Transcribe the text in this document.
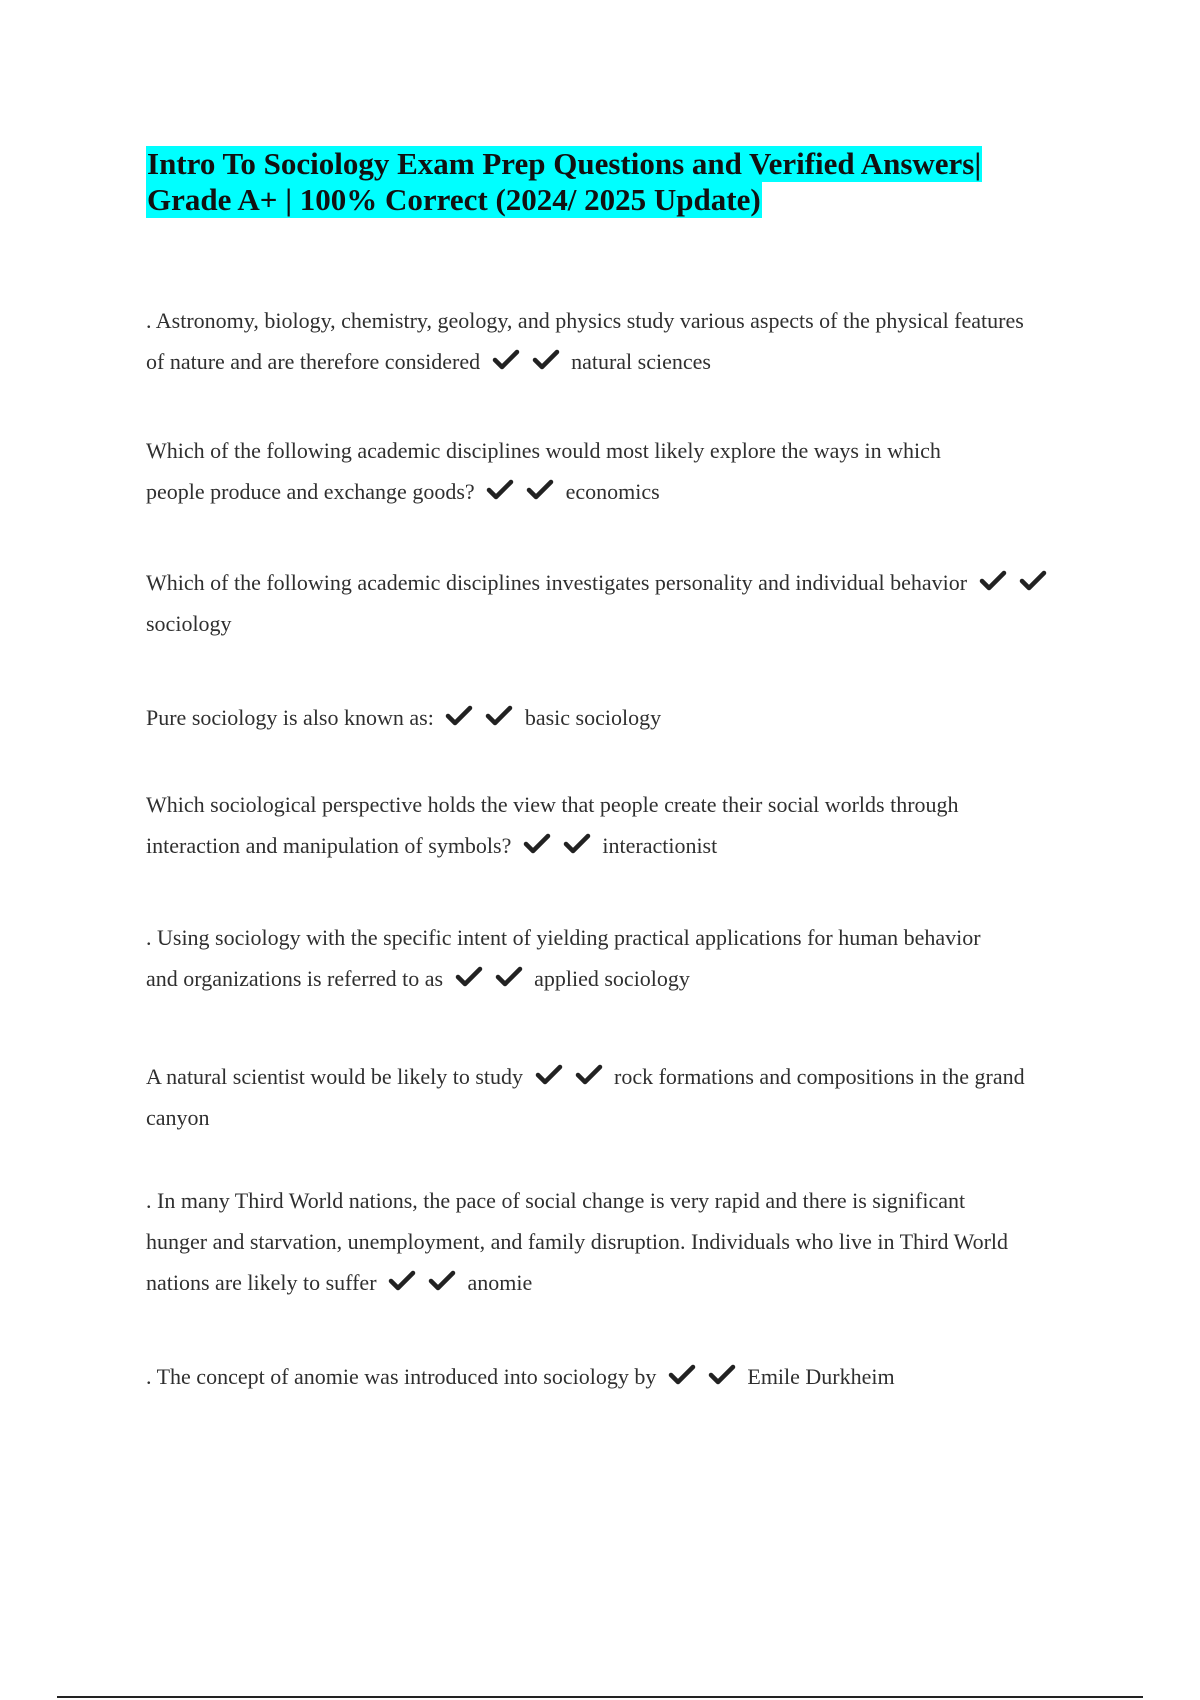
Intro To Sociology Exam Prep Questions and Verified Answers|
Grade A+ | 100% Correct (2024/ 2025 Update)
. Astronomy, biology, chemistry, geology, and physics study various aspects of the physical features of nature and are therefore considered	natural sciences
Which of the following academic disciplines would most likely explore the ways in which people produce and exchange goods?	economics
Which of the following academic disciplines investigates personality and individual behavior
sociology
Pure sociology is also known as:	basic sociology
Which sociological perspective holds the view that people create their social worlds through interaction and manipulation of symbols?	interactionist
. Using sociology with the specific intent of yielding practical applications for human behavior and organizations is referred to as	applied sociology
A natural scientist would be likely to study	rock formations and compositions in the grand canyon
. In many Third World nations, the pace of social change is very rapid and there is significant hunger and starvation, unemployment, and family disruption. Individuals who live in Third World nations are likely to suffer	anomie
. The concept of anomie was introduced into sociology by	Emile Durkheim
